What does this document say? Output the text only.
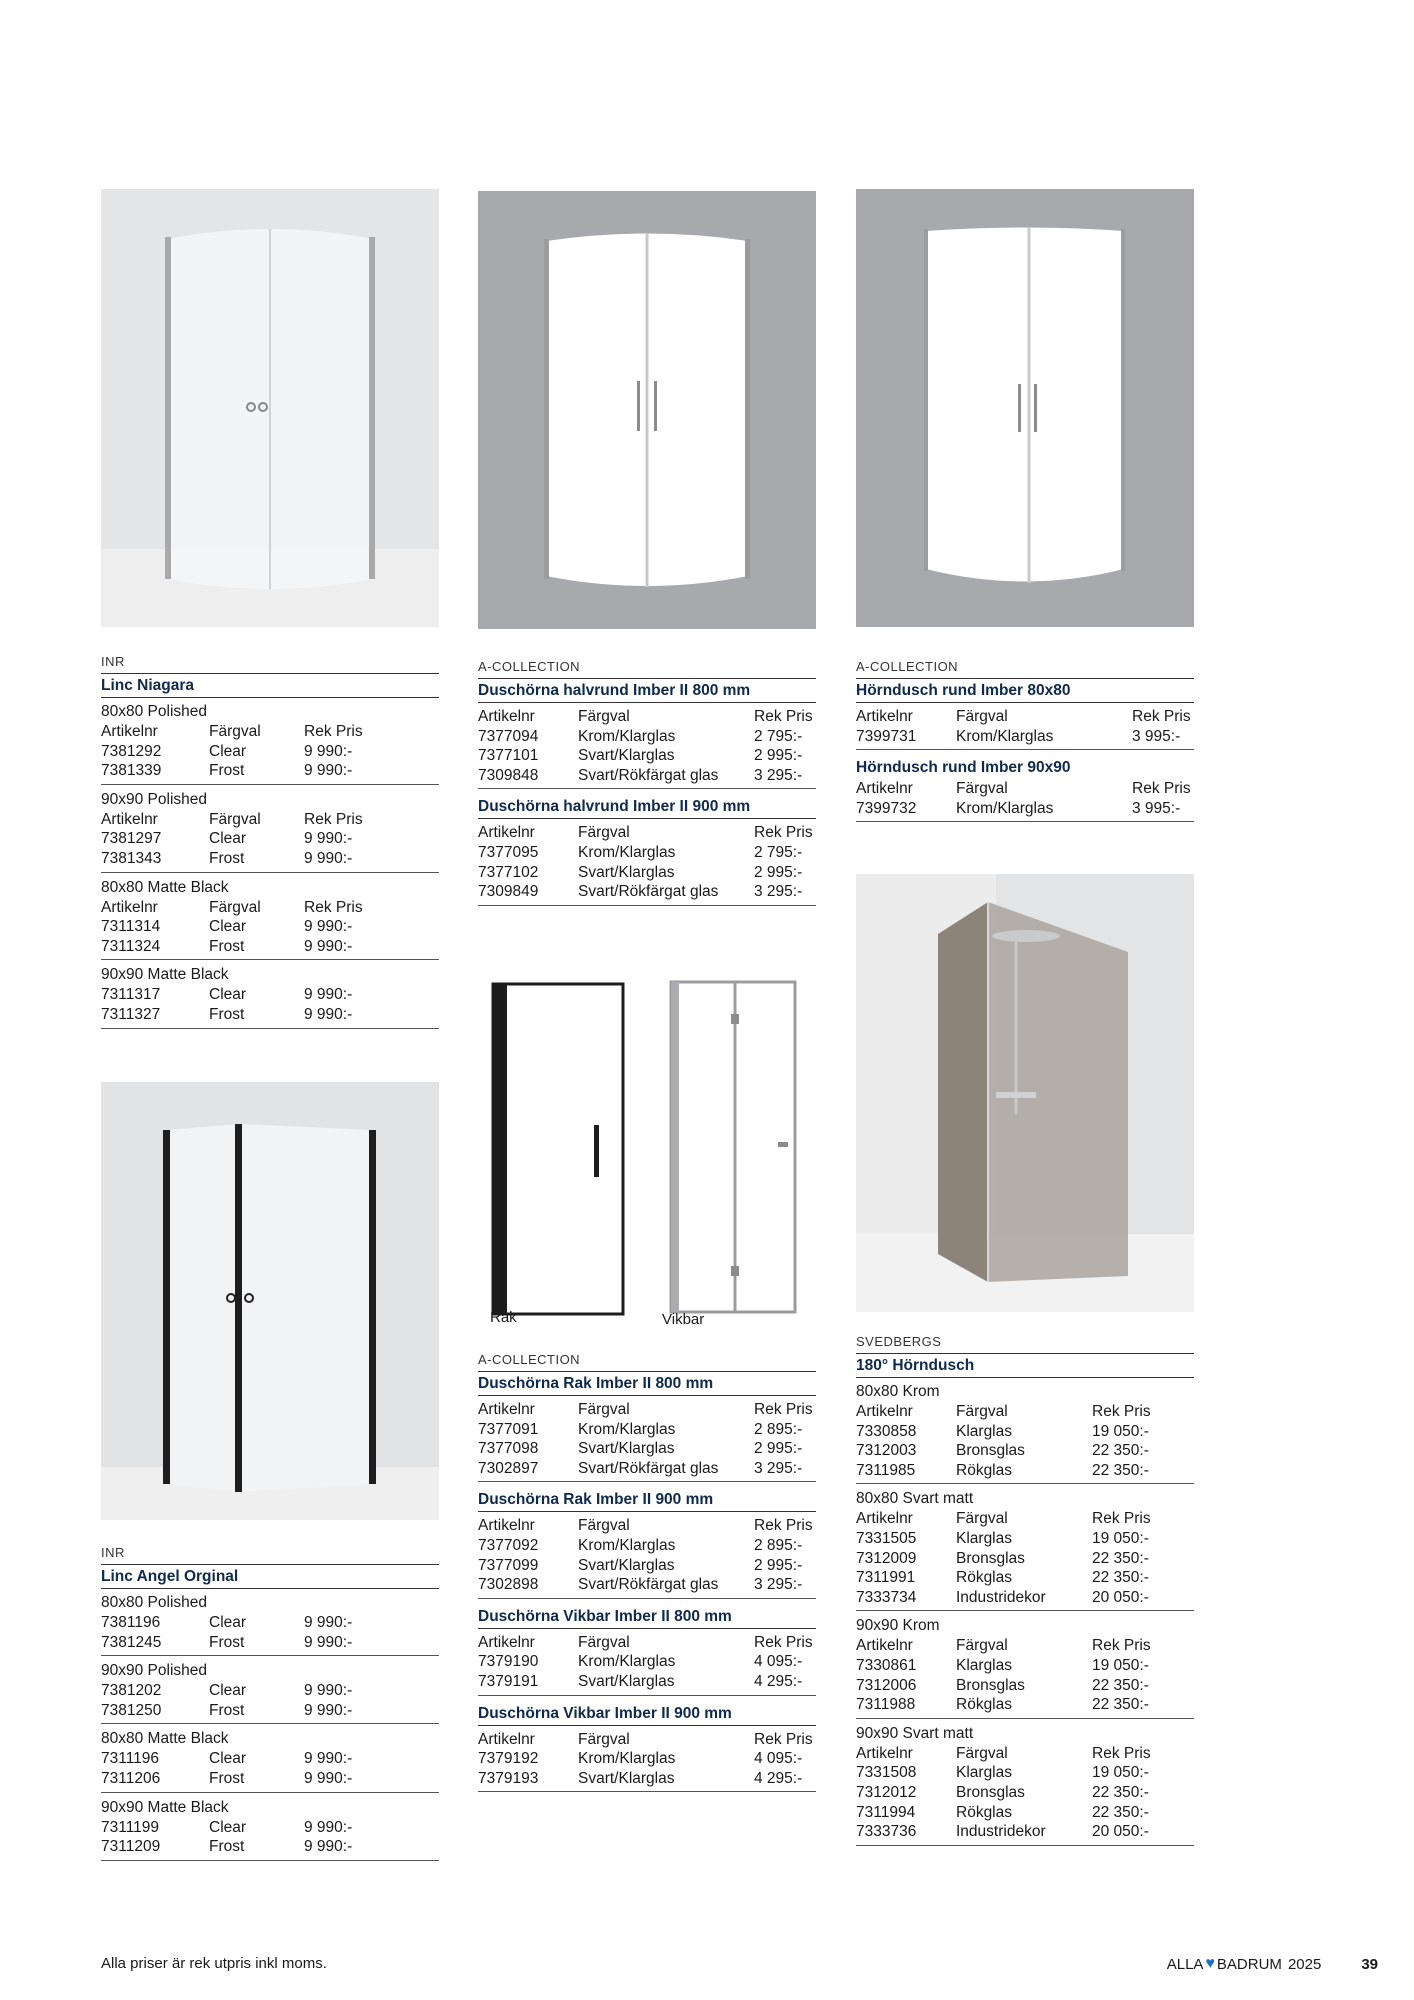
INR
Linc Niagara
80x80 Polished
Artikelnr	Färgval	Rek Pris
7381292	Clear	9 990:-
7381339	Frost	9 990:-
90x90 Polished
Artikelnr	Färgval	Rek Pris
7381297	Clear	9 990:-
7381343	Frost	9 990:-
80x80 Matte Black
Artikelnr	Färgval	Rek Pris
7311314	Clear	9 990:-
7311324	Frost	9 990:-
90x90 Matte Black
7311317	Clear	9 990:-
7311327	Frost	9 990:-
INR
Linc Angel Orginal
80x80 Polished
7381196	Clear	9 990:-
7381245	Frost	9 990:-
90x90 Polished
7381202	Clear	9 990:-
7381250	Frost	9 990:-
80x80 Matte Black
7311196	Clear	9 990:-
7311206	Frost	9 990:-
90x90 Matte Black
7311199	Clear	9 990:-
7311209	Frost	9 990:-
A-COLLECTION
Duschörna halvrund Imber II 800 mm
Artikelnr	Färgval	Rek Pris
7377094	Krom/Klarglas	2 795:-
7377101	Svart/Klarglas	2 995:-
7309848	Svart/Rökfärgat glas	3 295:-
Duschörna halvrund Imber II 900 mm
Artikelnr	Färgval	Rek Pris
7377095	Krom/Klarglas	2 795:-
7377102	Svart/Klarglas	2 995:-
7309849	Svart/Rökfärgat glas	3 295:-
Rak	Vikbar
A-COLLECTION
Duschörna Rak Imber II 800 mm
Artikelnr	Färgval	Rek Pris
7377091	Krom/Klarglas	2 895:-
7377098	Svart/Klarglas	2 995:-
7302897	Svart/Rökfärgat glas	3 295:-
Duschörna Rak Imber II 900 mm
Artikelnr	Färgval	Rek Pris
7377092	Krom/Klarglas	2 895:-
7377099	Svart/Klarglas	2 995:-
7302898	Svart/Rökfärgat glas	3 295:-
Duschörna Vikbar Imber II 800 mm
Artikelnr	Färgval	Rek Pris
7379190	Krom/Klarglas	4 095:-
7379191	Svart/Klarglas	4 295:-
Duschörna Vikbar Imber II 900 mm
Artikelnr	Färgval	Rek Pris
7379192	Krom/Klarglas	4 095:-
7379193	Svart/Klarglas	4 295:-
A-COLLECTION
Hörndusch rund Imber 80x80
Artikelnr	Färgval	Rek Pris
7399731	Krom/Klarglas	3 995:-
Hörndusch rund Imber 90x90
Artikelnr	Färgval	Rek Pris
7399732	Krom/Klarglas	3 995:-
SVEDBERGS
180° Hörndusch
80x80 Krom
Artikelnr	Färgval	Rek Pris
7330858	Klarglas	19 050:-
7312003	Bronsglas	22 350:-
7311985	Rökglas	22 350:-
80x80 Svart matt
Artikelnr	Färgval	Rek Pris
7331505	Klarglas	19 050:-
7312009	Bronsglas	22 350:-
7311991	Rökglas	22 350:-
7333734	Industridekor	20 050:-
90x90 Krom
Artikelnr	Färgval	Rek Pris
7330861	Klarglas	19 050:-
7312006	Bronsglas	22 350:-
7311988	Rökglas	22 350:-
90x90 Svart matt
Artikelnr	Färgval	Rek Pris
7331508	Klarglas	19 050:-
7312012	Bronsglas	22 350:-
7311994	Rökglas	22 350:-
7333736	Industridekor	20 050:-
Alla priser är rek utpris inkl moms.	ALLA ♥ BADRUM 2025	39
